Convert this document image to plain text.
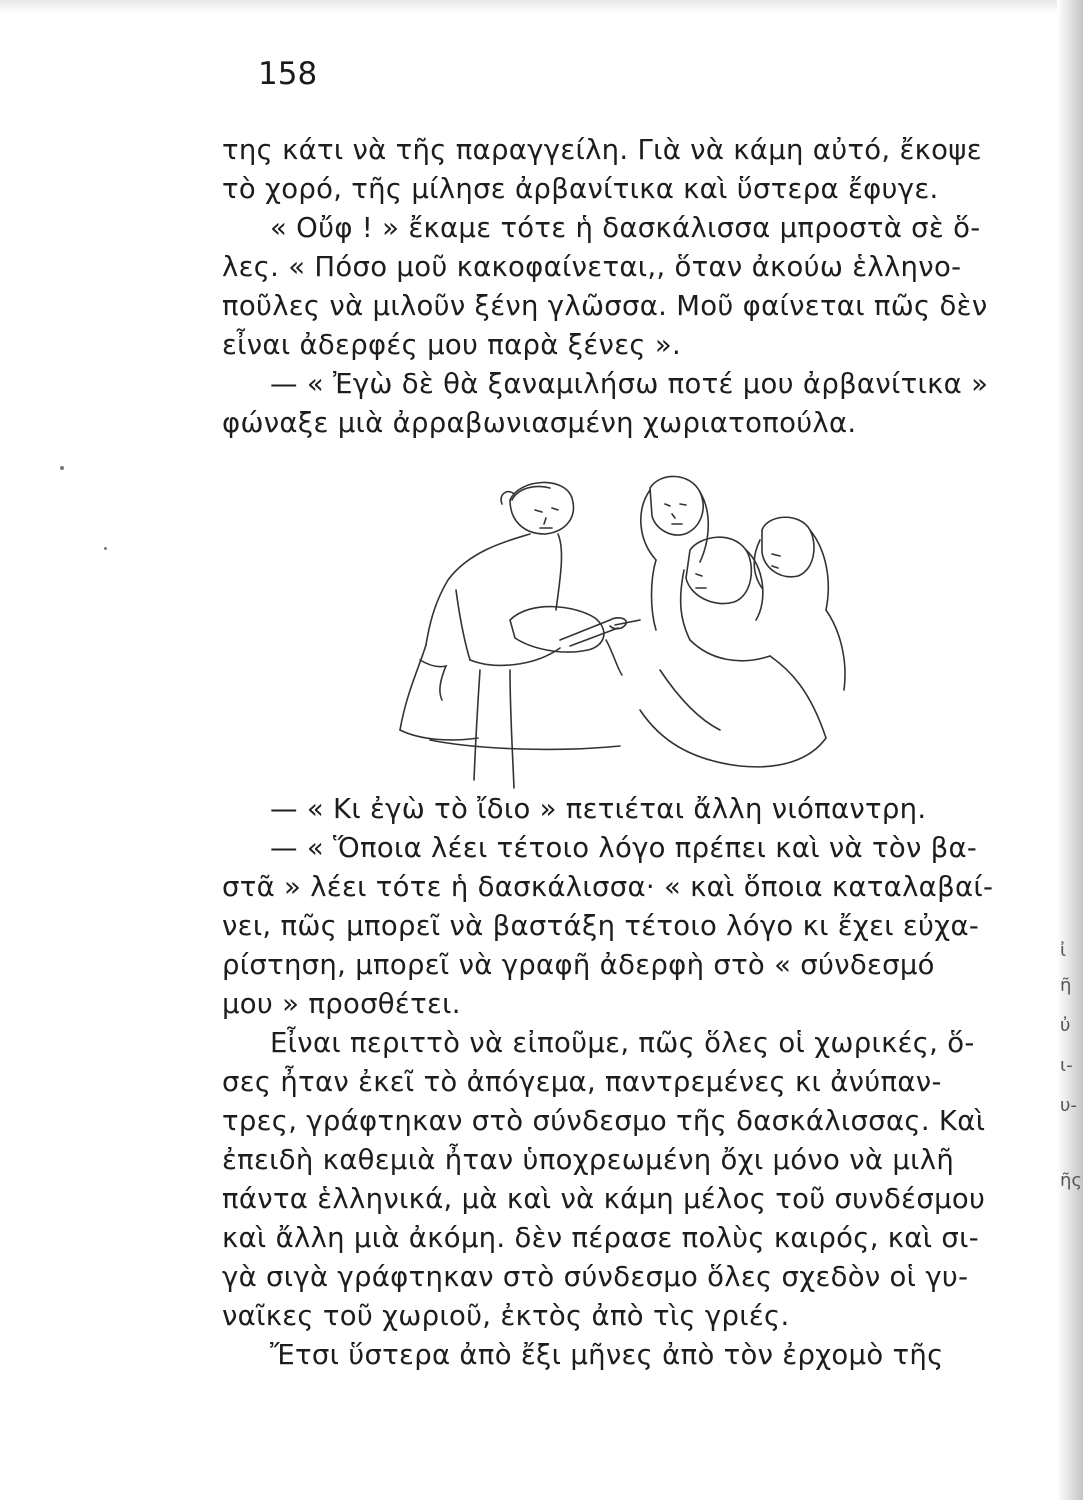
158
της κάτι νὰ τῆς παραγγείλη. Γιὰ νὰ κάμη αὐτό, ἔκοψε
τὸ χορό, τῆς μίλησε ἀρβανίτικα καὶ ὕστερα ἔφυγε.
« Οὔφ ! » ἔκαμε τότε ἡ δασκάλισσα μπροστὰ σὲ ὅ-
λες. « Πόσο μοῦ κακοφαίνεται,, ὅταν ἀκούω ἑλληνο-
ποῦλες νὰ μιλοῦν ξένη γλῶσσα. Μοῦ φαίνεται πῶς δὲν
εἶναι ἀδερφές μου παρὰ ξένες ».
— « Ἐγὼ δὲ θὰ ξαναμιλήσω ποτέ μου ἀρβανίτικα »
φώναξε μιὰ ἀρραβωνιασμένη χωριατοπούλα.
— « Κι ἐγὼ τὸ ἴδιο » πετιέται ἄλλη νιόπαντρη.
— « Ὅποια λέει τέτοιο λόγο πρέπει καὶ νὰ τὸν βα-
στᾶ » λέει τότε ἡ δασκάλισσα· « καὶ ὅποια καταλαβαί-
νει, πῶς μπορεῖ νὰ βαστάξη τέτοιο λόγο κι ἔχει εὐχα-
ρίστηση, μπορεῖ νὰ γραφῆ ἀδερφὴ στὸ « σύνδεσμό
μου » προσθέτει.
Εἶναι περιττὸ νὰ εἰποῦμε, πῶς ὅλες οἱ χωρικές, ὅ-
σες ἦταν ἐκεῖ τὸ ἀπόγεμα, παντρεμένες κι ἀνύπαν-
τρες, γράφτηκαν στὸ σύνδεσμο τῆς δασκάλισσας. Καὶ
ἐπειδὴ καθεμιὰ ἦταν ὑποχρεωμένη ὄχι μόνο νὰ μιλῆ
πάντα ἑλληνικά, μὰ καὶ νὰ κάμη μέλος τοῦ συνδέσμου
καὶ ἄλλη μιὰ ἀκόμη. δὲν πέρασε πολὺς καιρός, καὶ σι-
γὰ σιγὰ γράφτηκαν στὸ σύνδεσμο ὅλες σχεδὸν οἱ γυ-
ναῖκες τοῦ χωριοῦ, ἐκτὸς ἀπὸ τὶς γριές.
Ἔτσι ὕστερα ἀπὸ ἔξι μῆνες ἀπὸ τὸν ἐρχομὸ τῆς
ἰ
ῆ
ὐ
ι-
υ-
ῆς
